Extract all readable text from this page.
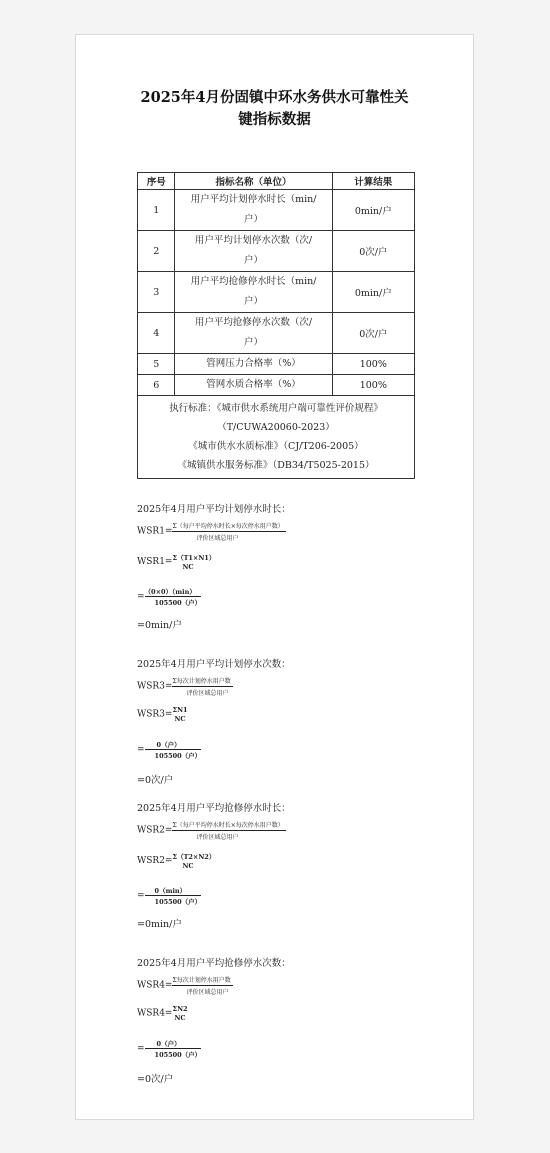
2025年4月份固镇中环水务供水可靠性关
键指标数据
序号	指标名称（单位）	计算结果
1	用户平均计划停水时长（min/
户）	0min/户
2	用户平均计划停水次数（次/
户）	0次/户
3	用户平均抢修停水时长（min/
户）	0min/户
4	用户平均抢修停水次数（次/
户）	0次/户
5	管网压力合格率（%）	100%
6	管网水质合格率（%）	100%
执行标准：《城市供水系统用户端可靠性评价规程》
（T/CUWA20060-2023）
《城市供水水质标准》（CJ/T206-2005）
《城镇供水服务标准》（DB34/T5025-2015）		
2025年4月用户平均计划停水时长：
$WSR1= \frac{\text{Σ（每户平均停水时长×每次停水用户数）}}{\text{评价区域总用户}}$
WSR1= Σ（T1×N1）
NC
= $\frac{(0\times 0)(\min)}{\text{105500（户）}}$
=0min/户
2025年4月用户平均计划停水次数：
$WSR3= \frac{\text{Σ每次计划停水用户数}}{\text{评价区域总用户}}$
WSR3= ΣN1
NC
= $\frac{\text{0（户）}}{\text{105500（户）}}$
=0次/户
2025年4月用户平均抢修停水时长：
$WSR2= \frac{\text{Σ（每户平均停水时长×每次停水用户数）}}{\text{评价区域总用户}}$
WSR2= Σ（T2×N2）
NC
= $\frac{0(\min)}{\text{105500（户）}}$
=0min/户
2025年4月用户平均抢修停水次数：
$WSR4= \frac{\text{Σ每次计划停水用户数}}{\text{评价区域总用户}}$
WSR4= ΣN2
NC
= $\frac{\text{0（户）}}{\text{105500（户）}}$
=0次/户
